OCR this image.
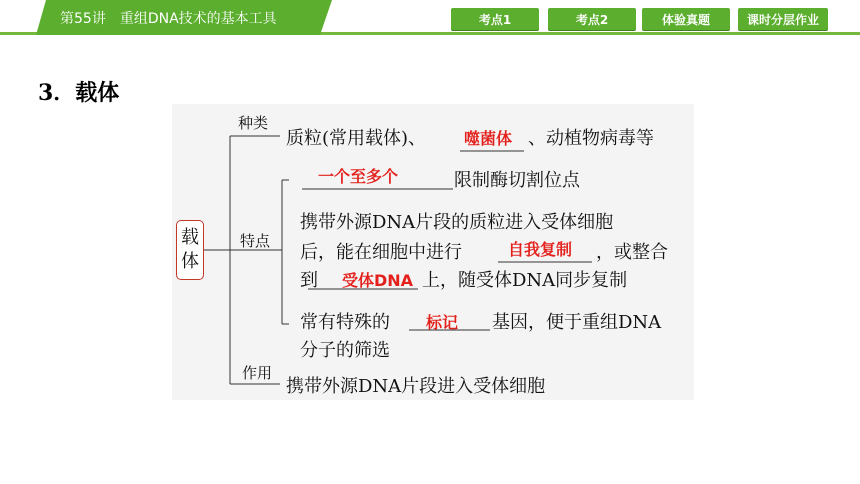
第55讲　重组DNA技术的基本工具	考点1	考点2	体验真题	课时分层作业
3．载体
载
体
种类
特点
作用
质粒(常用载体)、 噬菌体 、动植物病毒等
一个至多个	限制酶切割位点
携带外源DNA片段的质粒进入受体细胞
后，能在细胞中进行	自我复制 ，或整合
到 受体DNA 上，随受体DNA同步复制
常有特殊的 标记 基因，便于重组DNA
分子的筛选
携带外源DNA片段进入受体细胞
